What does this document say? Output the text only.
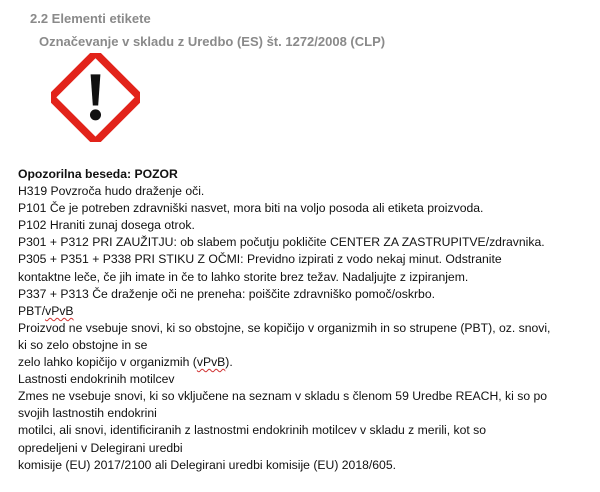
2.2 Elementi etikete
Označevanje v skladu z Uredbo (ES) št. 1272/2008 (CLP)
Opozorilna beseda: POZOR
H319 Povzroča hudo draženje oči.
P101 Če je potreben zdravniški nasvet, mora biti na voljo posoda ali etiketa proizvoda.
P102 Hraniti zunaj dosega otrok.
P301 + P312 PRI ZAUŽITJU: ob slabem počutju pokličite CENTER ZA ZASTRUPITVE/zdravnika.
P305 + P351 + P338 PRI STIKU Z OČMI: Previdno izpirati z vodo nekaj minut. Odstranite
kontaktne leče, če jih imate in če to lahko storite brez težav. Nadaljujte z izpiranjem.
P337 + P313 Če draženje oči ne preneha: poiščite zdravniško pomoč/oskrbo.
PBT/vPvB
Proizvod ne vsebuje snovi, ki so obstojne, se kopičijo v organizmih in so strupene (PBT), oz. snovi,
ki so zelo obstojne in se
zelo lahko kopičijo v organizmih (vPvB).
Lastnosti endokrinih motilcev
Zmes ne vsebuje snovi, ki so vključene na seznam v skladu s členom 59 Uredbe REACH, ki so po
svojih lastnostih endokrini
motilci, ali snovi, identificiranih z lastnostmi endokrinih motilcev v skladu z merili, kot so
opredeljeni v Delegirani uredbi
komisije (EU) 2017/2100 ali Delegirani uredbi komisije (EU) 2018/605.
